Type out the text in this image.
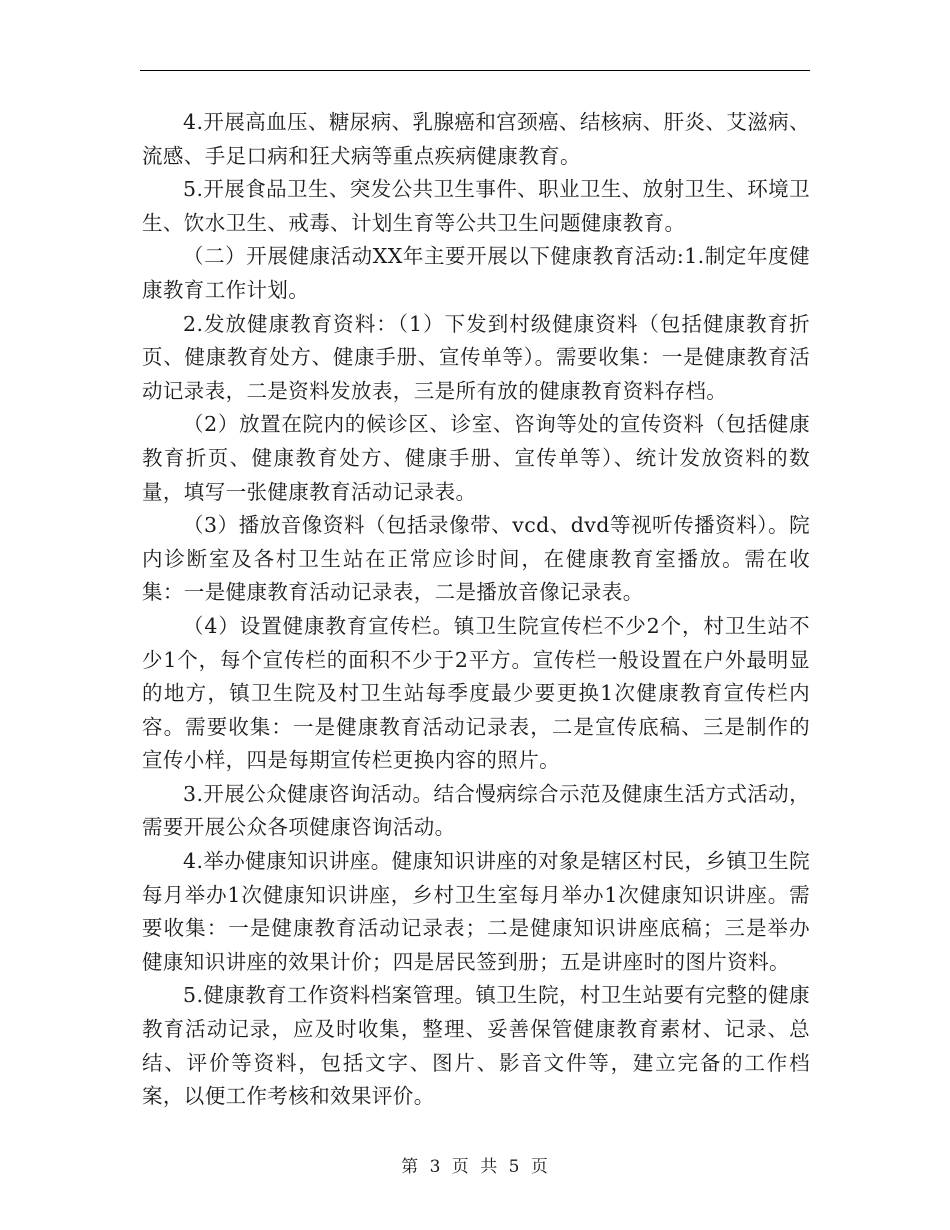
4.开展高血压、糖尿病、乳腺癌和宫颈癌、结核病、肝炎、艾滋病、流感、手足口病和狂犬病等重点疾病健康教育。

5.开展食品卫生、突发公共卫生事件、职业卫生、放射卫生、环境卫生、饮水卫生、戒毒、计划生育等公共卫生问题健康教育。

（二）开展健康活动XX年主要开展以下健康教育活动:1.制定年度健康教育工作计划。

2.发放健康教育资料：（1）下发到村级健康资料（包括健康教育折页、健康教育处方、健康手册、宣传单等）。需要收集：一是健康教育活动记录表，二是资料发放表，三是所有放的健康教育资料存档。

（2）放置在院内的候诊区、诊室、咨询等处的宣传资料（包括健康教育折页、健康教育处方、健康手册、宣传单等）、统计发放资料的数量，填写一张健康教育活动记录表。

（3）播放音像资料（包括录像带、vcd、dvd等视听传播资料）。院内诊断室及各村卫生站在正常应诊时间，在健康教育室播放。需在收集：一是健康教育活动记录表，二是播放音像记录表。

（4）设置健康教育宣传栏。镇卫生院宣传栏不少2个，村卫生站不少1个，每个宣传栏的面积不少于2平方。宣传栏一般设置在户外最明显的地方，镇卫生院及村卫生站每季度最少要更换1次健康教育宣传栏内容。需要收集：一是健康教育活动记录表，二是宣传底稿、三是制作的宣传小样，四是每期宣传栏更换内容的照片。

3.开展公众健康咨询活动。结合慢病综合示范及健康生活方式活动，需要开展公众各项健康咨询活动。

4.举办健康知识讲座。健康知识讲座的对象是辖区村民，乡镇卫生院每月举办1次健康知识讲座，乡村卫生室每月举办1次健康知识讲座。需要收集：一是健康教育活动记录表；二是健康知识讲座底稿；三是举办健康知识讲座的效果计价；四是居民签到册；五是讲座时的图片资料。

5.健康教育工作资料档案管理。镇卫生院，村卫生站要有完整的健康教育活动记录，应及时收集，整理、妥善保管健康教育素材、记录、总结、评价等资料，包括文字、图片、影音文件等，建立完备的工作档案，以便工作考核和效果评价。

第 3 页 共 5 页
